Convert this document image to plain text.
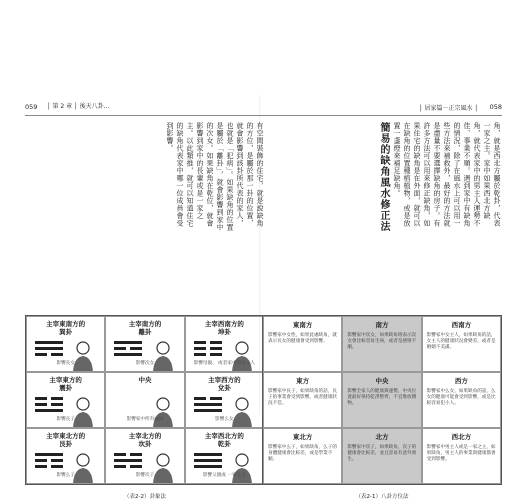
059 │ 第 2 章 │ 後天八卦…

有空間裝飾的住宅，就是說缺角的方位，是屬於那一卦的位置，就會影響到該卦所代表的家人，也就是「犯病」。如果缺角的位置是屬於「離卦」，就會影響到家中的次女。如果缺角在乾位，就會影響到家中的長輩或是一家之主。以此類推，就可以知道住宅的缺角代表家中哪一位成員會受到影響。

主宰東南方的
巽卦
影響長女
主宰南方的
離卦
影響次女
主宰西南方的
坤卦
影響母親、 或者家中的女主人
主宰東方的
震卦
影響長子
中央
影響家中所有成員
主宰西方的
兌卦
影響么女
主宰東北方的
艮卦
影響么子
主宰北方的
坎卦
影響次子
主宰西北方的
乾卦
影響父親或 一家之主
（表2-2）卦象法
│ 居家篇－正宗風水 │ 058

角，就是西北方屬於乾卦，代表一家之主。家中如果西北方缺角，就代表家中的男主人運勢不佳、事業不順。遇到家中有缺角的情況，除了在風水上可以用一些方法來補救外，最好的方法就是盡量不要選擇缺角的房子。有許多方法可以用來修正缺角，如果住宅的缺角是在外面，就可以在缺角的位置種植植物，或是放置一盞燈來補足缺角。

簡易的缺角風水修正法

東南方
影響家中女性，如果此處缺角，就表示長女的健康會受到影響。
南方
影響家中次女，如果缺角則表示次女會比較容易生病，或者是感情不順。
西南方
影響家中女主人，如果缺角的話，女主人的健康狀況會變差，或者是婚姻不美滿。
東方
影響家中長子，如果缺角的話，長子的事業會受到影響，或者健康狀況不佳。
中央
影響全家人的健康與運勢，中央位置最好保持乾淨整齊，不宜堆放雜物。
西方
影響家中么女，如果缺角的話，么女的健康可能會受到影響，或是比較容易犯小人。
東北方
影響家中么子，如果缺角，么子的身體健康會比較差，或是學業不順。
北方
影響家中次子，如果缺角，次子的健康會比較差，並且容易有意外發生。
西北方
影響家中男主人或是一家之主，如果缺角，男主人的事業與健康都會受到影響。
（表2-1）八卦方位法
